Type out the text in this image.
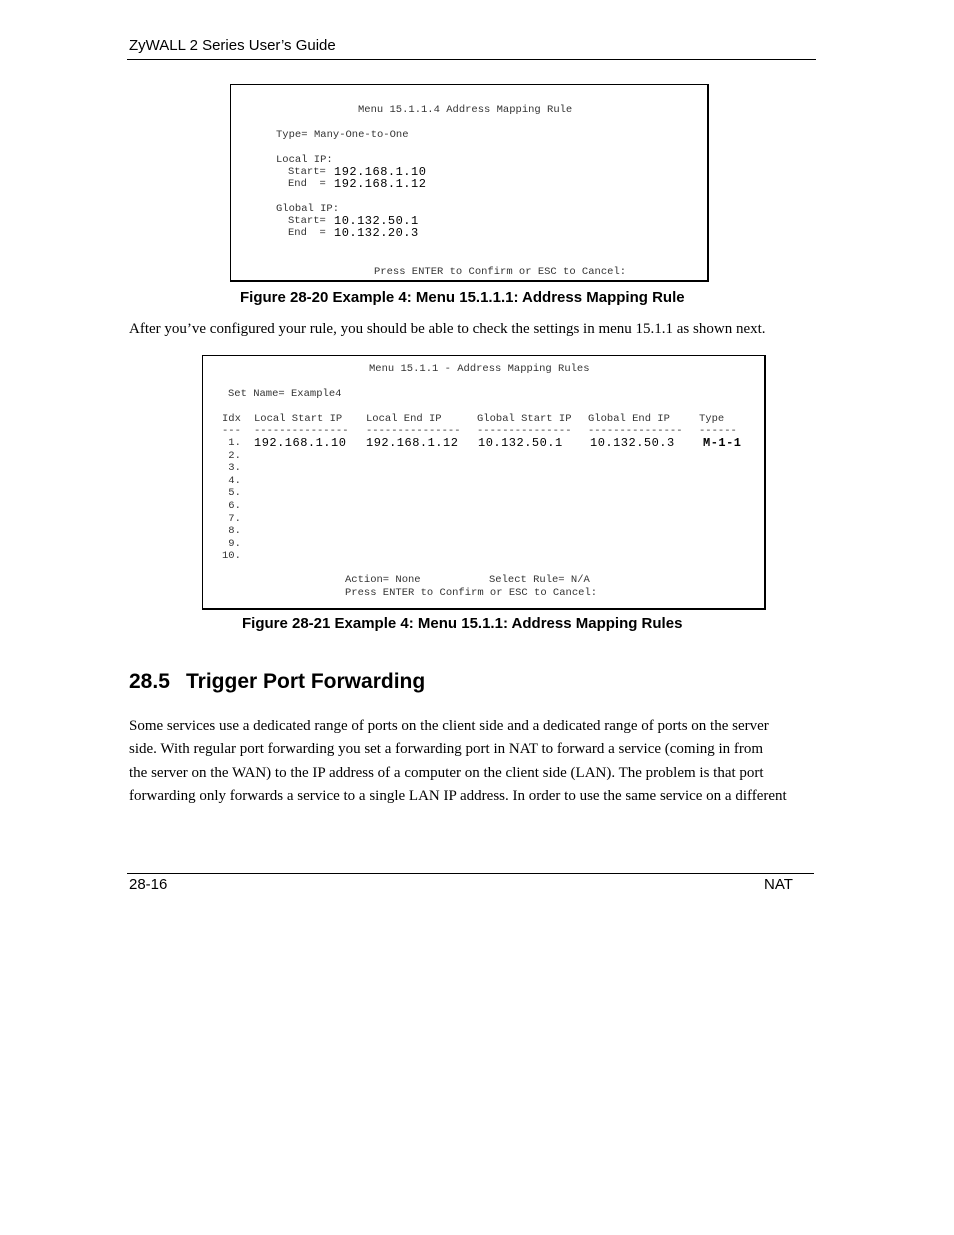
ZyWALL 2 Series User’s Guide
Menu 15.1.1.4 Address Mapping Rule
Type= Many-One-to-One
Local IP:
Start= 192.168.1.10
End  = 192.168.1.12
Global IP:
Start= 10.132.50.1
End  = 10.132.20.3
Press ENTER to Confirm or ESC to Cancel:
Figure 28-20 Example 4: Menu 15.1.1.1: Address Mapping Rule
After you’ve configured your rule, you should be able to check the settings in menu 15.1.1 as shown next.
Menu 15.1.1 - Address Mapping Rules
Set Name= Example4
Idx Local Start IP Local End IP	Global Start IP Global End IP	Type
--- --------------- --------------- --------------- --------------- ------
1. 192.168.1.10 192.168.1.12 10.132.50.1 10.132.50.3 M-1-1
2.
3.
4.
5.
6.
7.
8.
9.
10.
Action= None	Select Rule= N/A
Press ENTER to Confirm or ESC to Cancel:
Figure 28-21 Example 4: Menu 15.1.1: Address Mapping Rules
28.5 Trigger Port Forwarding
Some services use a dedicated range of ports on the client side and a dedicated range of ports on the server
side. With regular port forwarding you set a forwarding port in NAT to forward a service (coming in from
the server on the WAN) to the IP address of a computer on the client side (LAN). The problem is that port
forwarding only forwards a service to a single LAN IP address. In order to use the same service on a different
28-16	NAT
